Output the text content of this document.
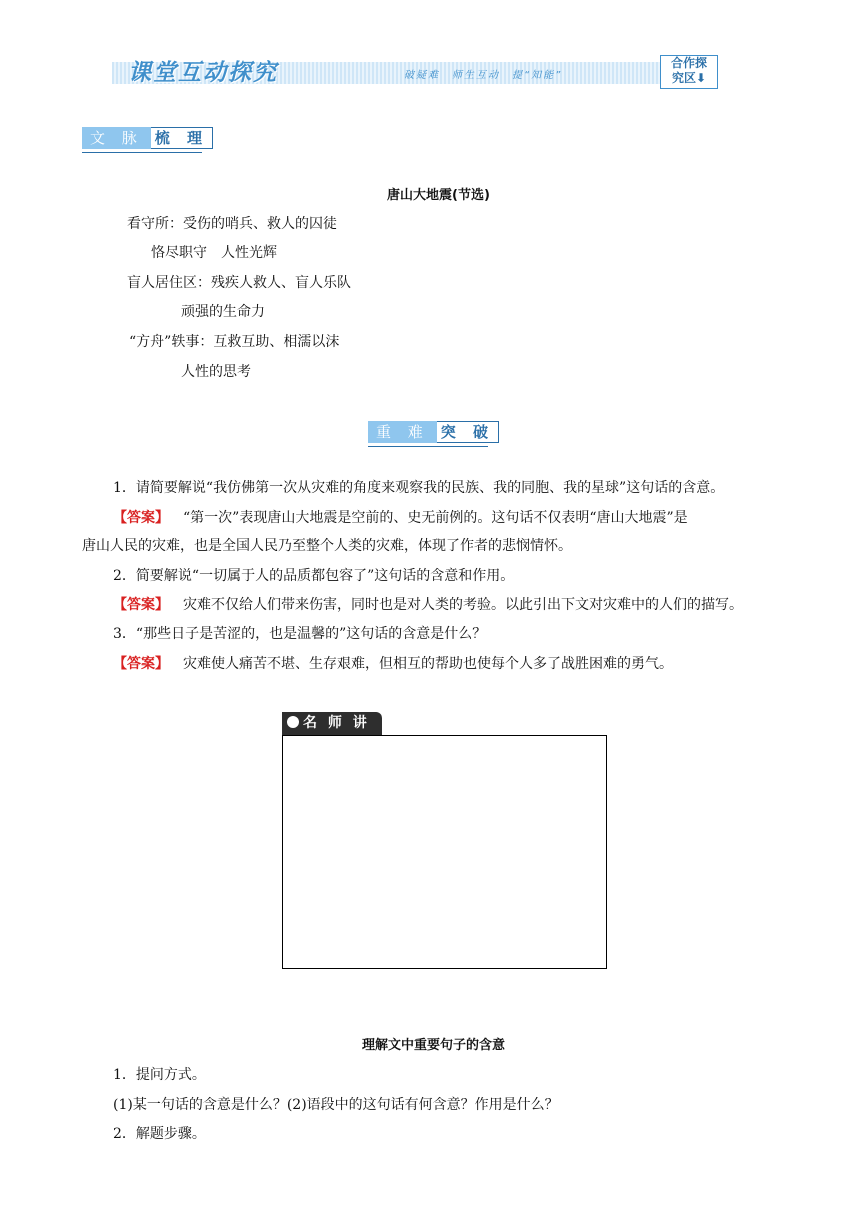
课堂互动探究	破疑难　师生互动　提“知能”
合作探
究区⬇
文 脉 梳 理
唐山大地震(节选)
看守所：受伤的哨兵、救人的囚徒
恪尽职守　人性光辉
盲人居住区：残疾人救人、盲人乐队
顽强的生命力
“方舟”轶事：互救互助、相濡以沫
人性的思考
重 难 突 破
1．请简要解说“我仿佛第一次从灾难的角度来观察我的民族、我的同胞、我的星球”这句话的含意。
【答案】 “第一次”表现唐山大地震是空前的、史无前例的。这句话不仅表明“唐山大地震”是
唐山人民的灾难，也是全国人民乃至整个人类的灾难，体现了作者的悲悯情怀。
2．简要解说“一切属于人的品质都包容了”这句话的含意和作用。
【答案】 灾难不仅给人们带来伤害，同时也是对人类的考验。以此引出下文对灾难中的人们的描写。
3．“那些日子是苦涩的，也是温馨的”这句话的含意是什么？
【答案】 灾难使人痛苦不堪、生存艰难，但相互的帮助也使每个人多了战胜困难的勇气。
名 师 讲 坛
理解文中重要句子的含意
1．提问方式。
(1)某一句话的含意是什么？(2)语段中的这句话有何含意？作用是什么？
2．解题步骤。
